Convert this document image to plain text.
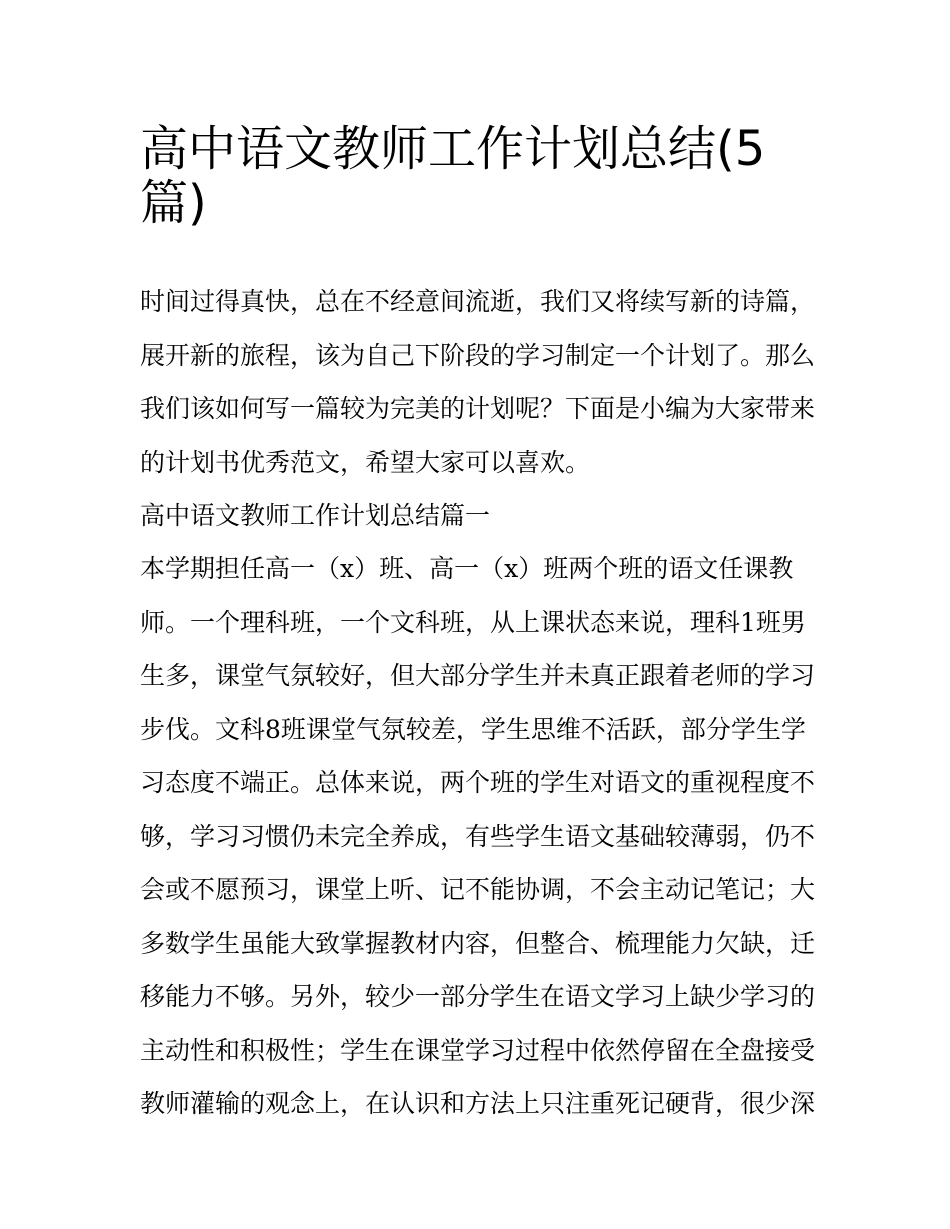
高中语文教师工作计划总结(5
篇)
时间过得真快，总在不经意间流逝，我们又将续写新的诗篇，
展开新的旅程，该为自己下阶段的学习制定一个计划了。那么
我们该如何写一篇较为完美的计划呢？下面是小编为大家带来
的计划书优秀范文，希望大家可以喜欢。
高中语文教师工作计划总结篇一
本学期担任高一（x）班、高一（x）班两个班的语文任课教
师。一个理科班，一个文科班，从上课状态来说，理科1班男
生多，课堂气氛较好，但大部分学生并未真正跟着老师的学习
步伐。文科8班课堂气氛较差，学生思维不活跃，部分学生学
习态度不端正。总体来说，两个班的学生对语文的重视程度不
够，学习习惯仍未完全养成，有些学生语文基础较薄弱，仍不
会或不愿预习，课堂上听、记不能协调，不会主动记笔记；大
多数学生虽能大致掌握教材内容，但整合、梳理能力欠缺，迁
移能力不够。另外，较少一部分学生在语文学习上缺少学习的
主动性和积极性；学生在课堂学习过程中依然停留在全盘接受
教师灌输的观念上，在认识和方法上只注重死记硬背，很少深
